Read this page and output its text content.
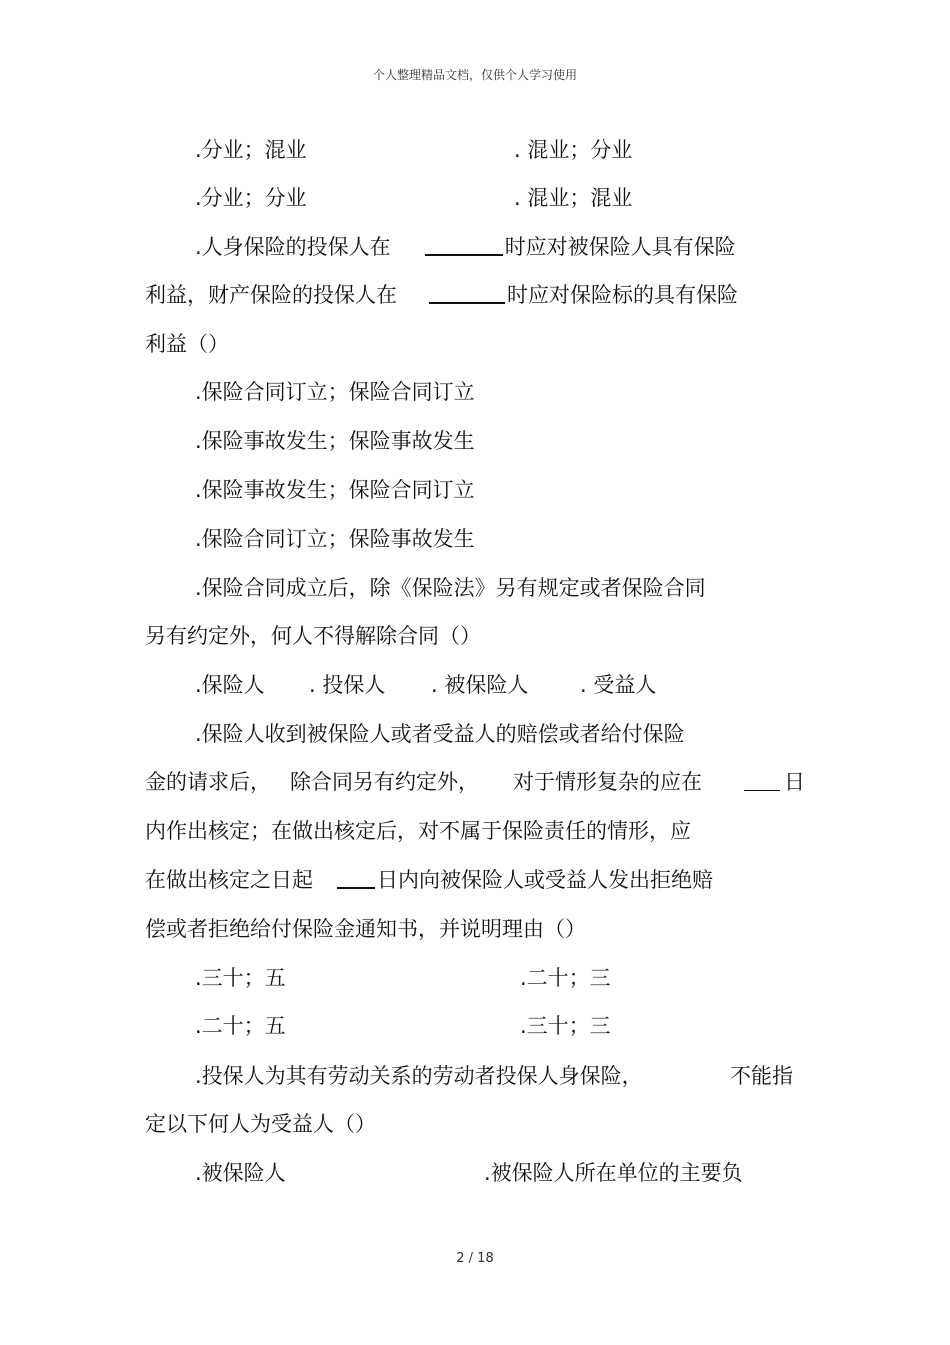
个人整理精品文档，仅供个人学习使用
.分业；混业	. 混业；分业
.分业；分业	. 混业；混业
.人身保险的投保人在	时应对被保险人具有保险
利益，财产保险的投保人在	时应对保险标的具有保险
利益（）
.保险合同订立；保险合同订立
.保险事故发生；保险事故发生
.保险事故发生；保险合同订立
.保险合同订立；保险事故发生
.保险合同成立后，除《保险法》另有规定或者保险合同
另有约定外，何人不得解除合同（）
.保险人 . 投保人 . 被保险人 . 受益人
.保险人收到被保险人或者受益人的赔偿或者给付保险
金的请求后， 除合同另有约定外， 对于情形复杂的应在	日
内作出核定；在做出核定后，对不属于保险责任的情形，应
在做出核定之日起	日内向被保险人或受益人发出拒绝赔
偿或者拒绝给付保险金通知书，并说明理由（）
.三十；五	.二十；三
.二十；五	.三十；三
.投保人为其有劳动关系的劳动者投保人身保险，	不能指
定以下何人为受益人（）
.被保险人	.被保险人所在单位的主要负
2 / 18
